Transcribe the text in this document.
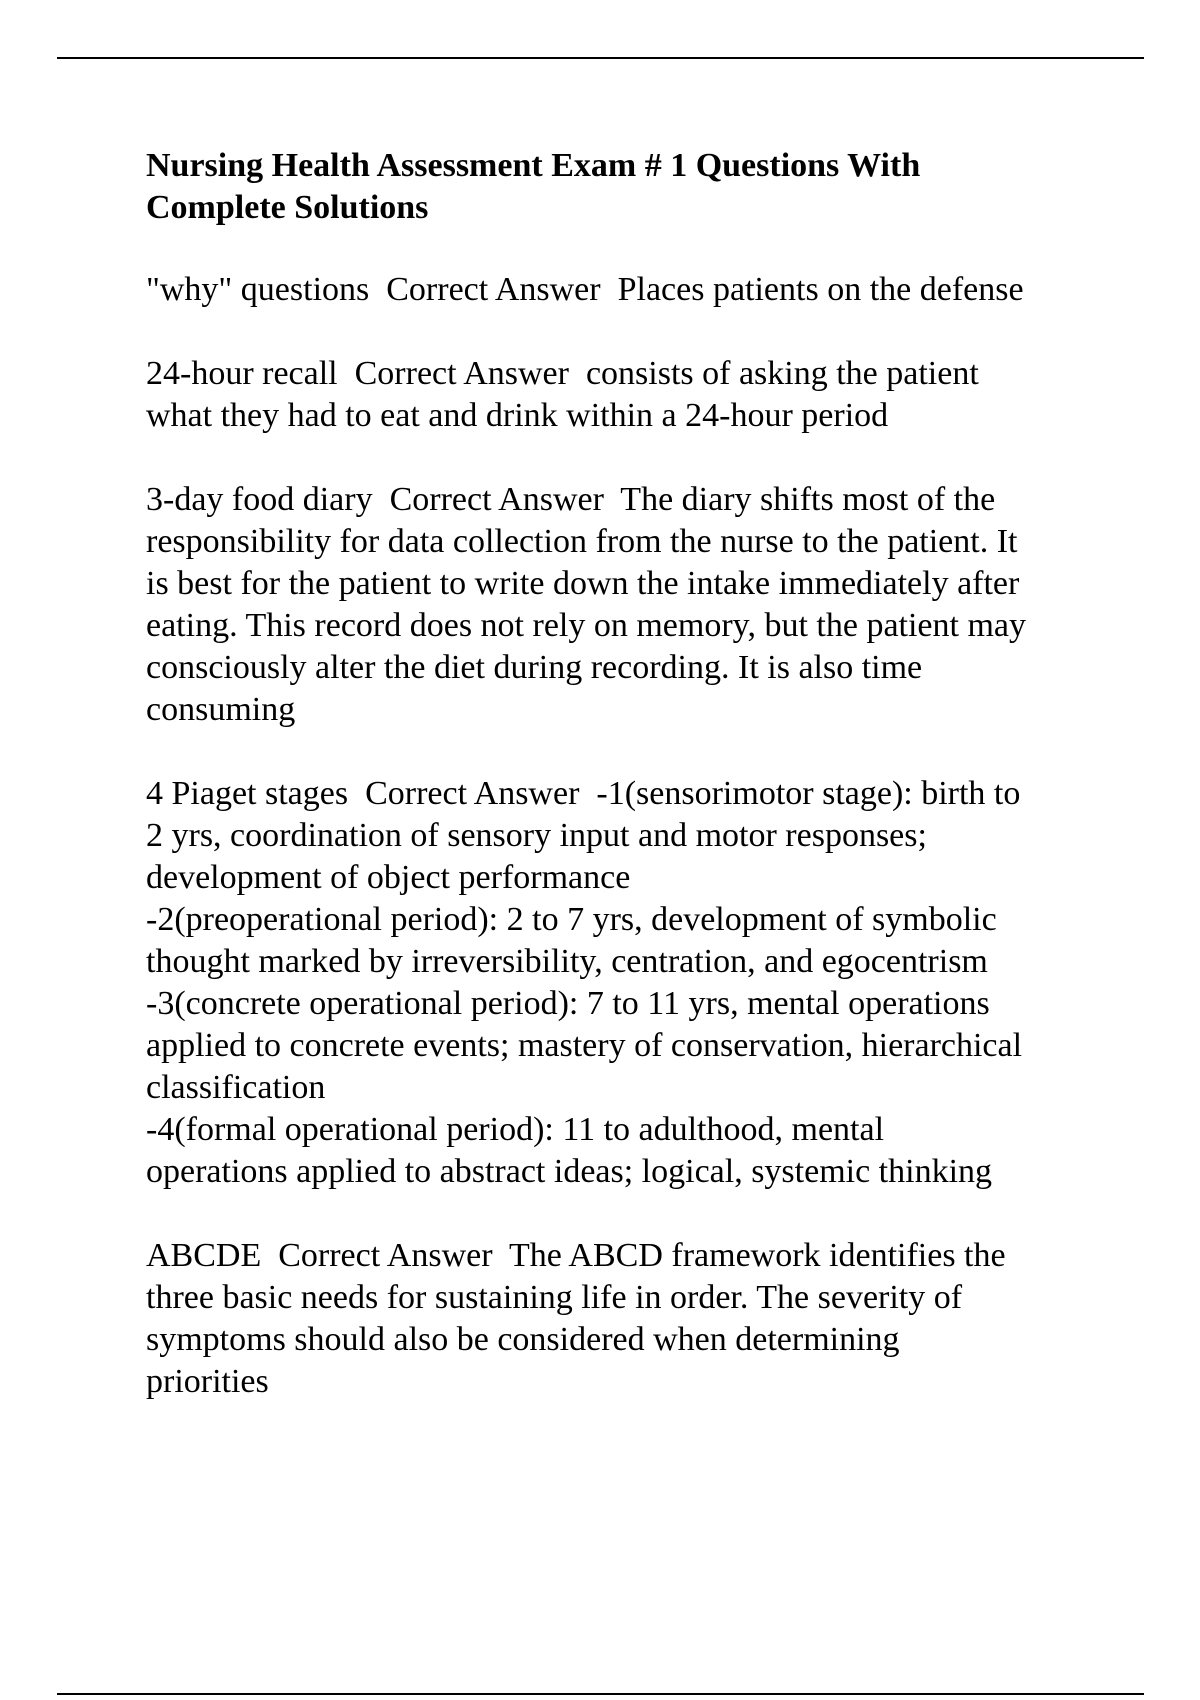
Nursing Health Assessment Exam # 1 Questions With
Complete Solutions

"why" questions  Correct Answer  Places patients on the defense

24-hour recall  Correct Answer  consists of asking the patient

what they had to eat and drink within a 24-hour period

3-day food diary  Correct Answer  The diary shifts most of the

responsibility for data collection from the nurse to the patient. It

is best for the patient to write down the intake immediately after

eating. This record does not rely on memory, but the patient may

consciously alter the diet during recording. It is also time

consuming

4 Piaget stages  Correct Answer  -1(sensorimotor stage): birth to

2 yrs, coordination of sensory input and motor responses;

development of object performance

-2(preoperational period): 2 to 7 yrs, development of symbolic

thought marked by irreversibility, centration, and egocentrism

-3(concrete operational period): 7 to 11 yrs, mental operations

applied to concrete events; mastery of conservation, hierarchical

classification

-4(formal operational period): 11 to adulthood, mental

operations applied to abstract ideas; logical, systemic thinking

ABCDE  Correct Answer  The ABCD framework identifies the

three basic needs for sustaining life in order. The severity of

symptoms should also be considered when determining

priorities
